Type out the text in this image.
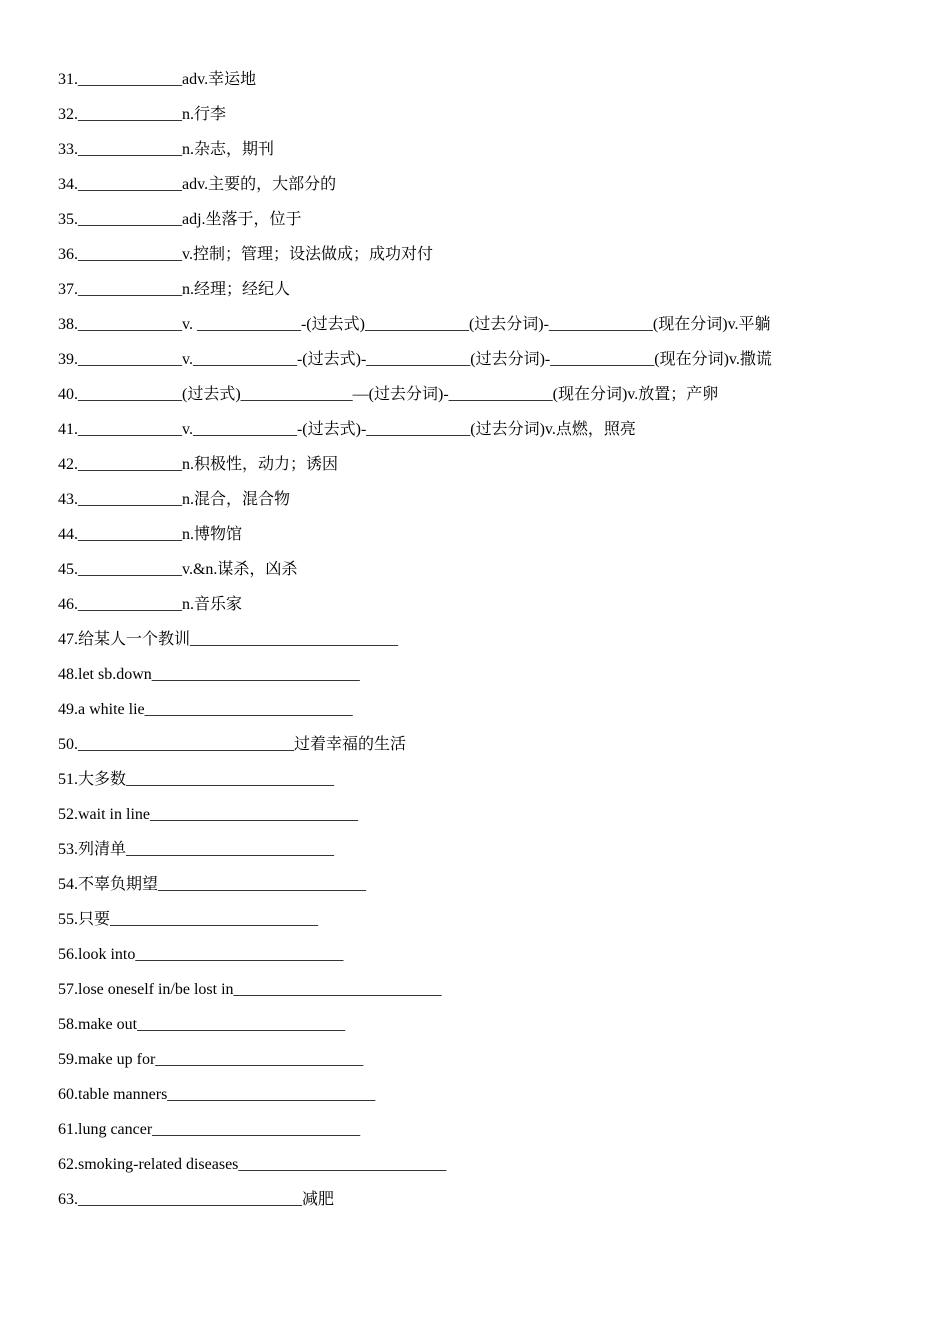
31._____________adv.幸运地
32._____________n.行李
33._____________n.杂志，期刊
34._____________adv.主要的，大部分的
35._____________adj.坐落于，位于
36._____________v.控制；管理；设法做成；成功对付
37._____________n.经理；经纪人
38._____________v. _____________-(过去式)_____________(过去分词)-_____________(现在分词)v.平躺
39._____________v._____________-(过去式)-_____________(过去分词)-_____________(现在分词)v.撒谎
40._____________(过去式)______________—(过去分词)-_____________(现在分词)v.放置；产卵
41._____________v._____________-(过去式)-_____________(过去分词)v.点燃，照亮
42._____________n.积极性，动力；诱因
43._____________n.混合，混合物
44._____________n.博物馆
45._____________v.&n.谋杀，凶杀
46._____________n.音乐家
47.给某人一个教训__________________________
48.let sb.down__________________________
49.a white lie__________________________
50.___________________________过着幸福的生活
51.大多数__________________________
52.wait in line__________________________
53.列清单__________________________
54.不辜负期望__________________________
55.只要__________________________
56.look into__________________________
57.lose oneself in/be lost in__________________________
58.make out__________________________
59.make up for__________________________
60.table manners__________________________
61.lung cancer__________________________
62.smoking-related diseases__________________________
63.____________________________减肥
